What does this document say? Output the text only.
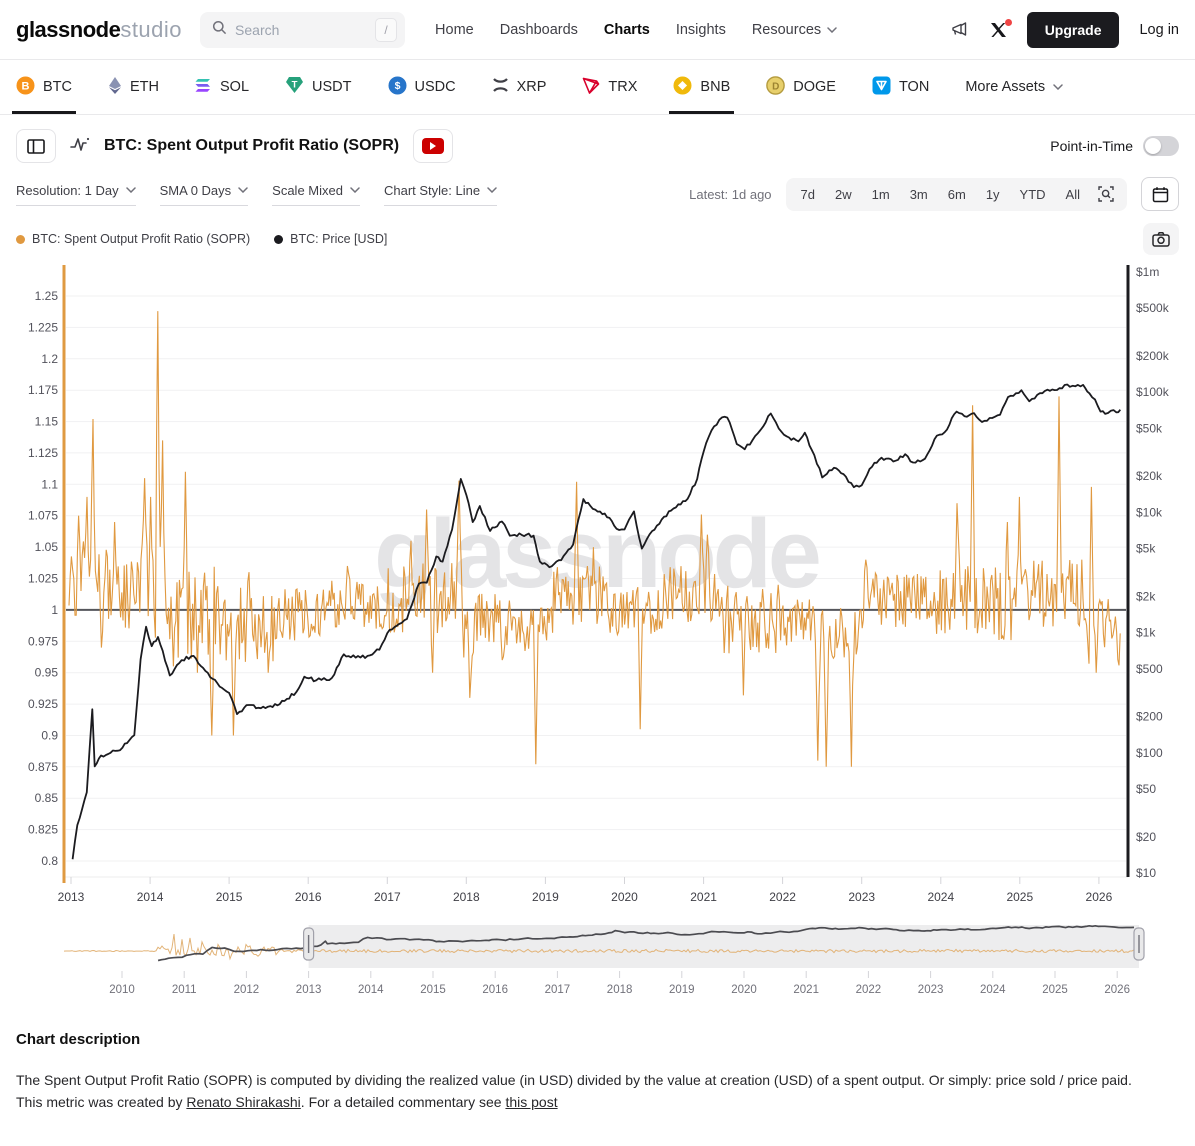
glassnodestudio	Search	/	Home Dashboards Charts Insights Resources	Upgrade	Log in
B BTC	ETH	SOL	T USDT	$ USDC	XRP	TRX	BNB	D DOGE	TON More Assets
BTC: Spent Output Profit Ratio (SOPR)	Point-in-Time
Resolution: 1 Day	SMA 0 Days	Scale Mixed	Chart Style: Line	Latest: 1d ago	7d	2w	1m	3m	6m	1y	YTD	All
BTC: Spent Output Profit Ratio (SOPR)	BTC: Price [USD]
glassnode
2013	2014	2015	2016	2017	2018	2019	2020	2021	2022	2023	2024	2025	2026
1.25
1.225
1.2
1.175
1.15
1.125
1.1
1.075
1.05
1.025
1
0.975
0.95
0.925
0.9
0.875
0.85
0.825
0.8
$1m
$500k
$200k
$100k
$50k
$20k
$10k
$5k
$2k
$1k
$500
$200
$100
$50
$20
$10
2010	2011	2012	2013	2014	2015	2016	2017	2018	2019	2020	2021	2022	2023	2024	2025	2026
Chart description

The Spent Output Profit Ratio (SOPR) is computed by dividing the realized value (in USD) divided by the value at creation (USD) of a spent output. Or simply: price sold / price paid. This metric was created by Renato Shirakashi. For a detailed commentary see this post
